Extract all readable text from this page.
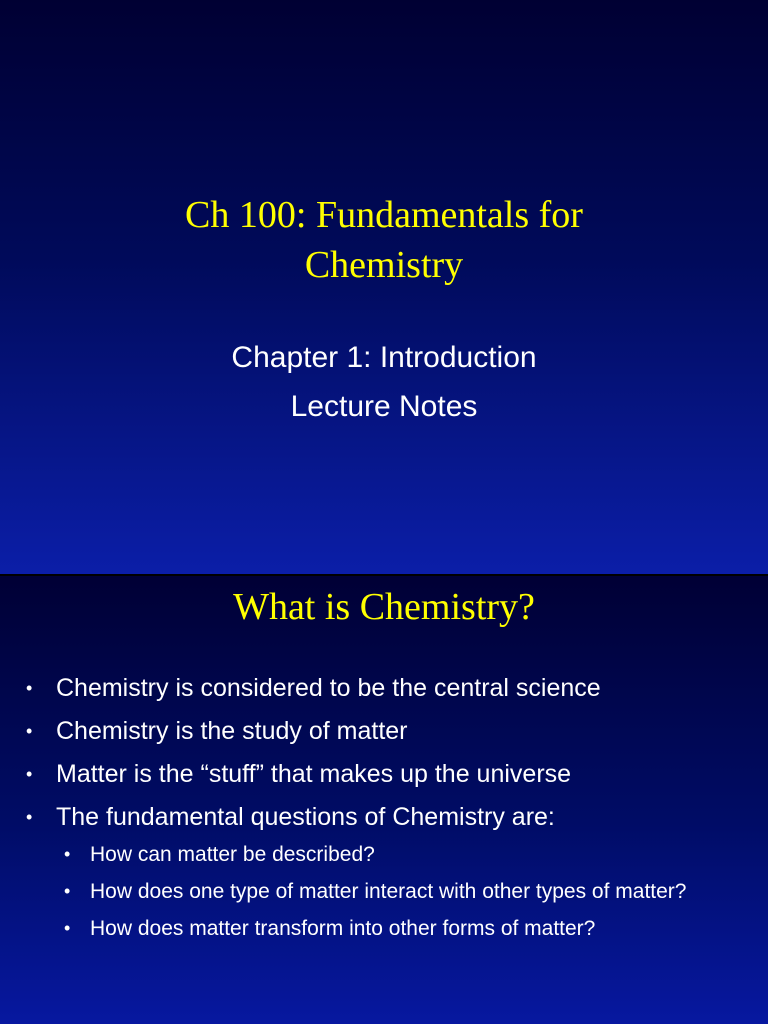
Ch 100: Fundamentals for
Chemistry
Chapter 1: Introduction
Lecture Notes
What is Chemistry?
• Chemistry is considered to be the central science
• Chemistry is the study of matter
• Matter is the “stuff” that makes up the universe
• The fundamental questions of Chemistry are:
• How can matter be described?
• How does one type of matter interact with other types of matter?
• How does matter transform into other forms of matter?
